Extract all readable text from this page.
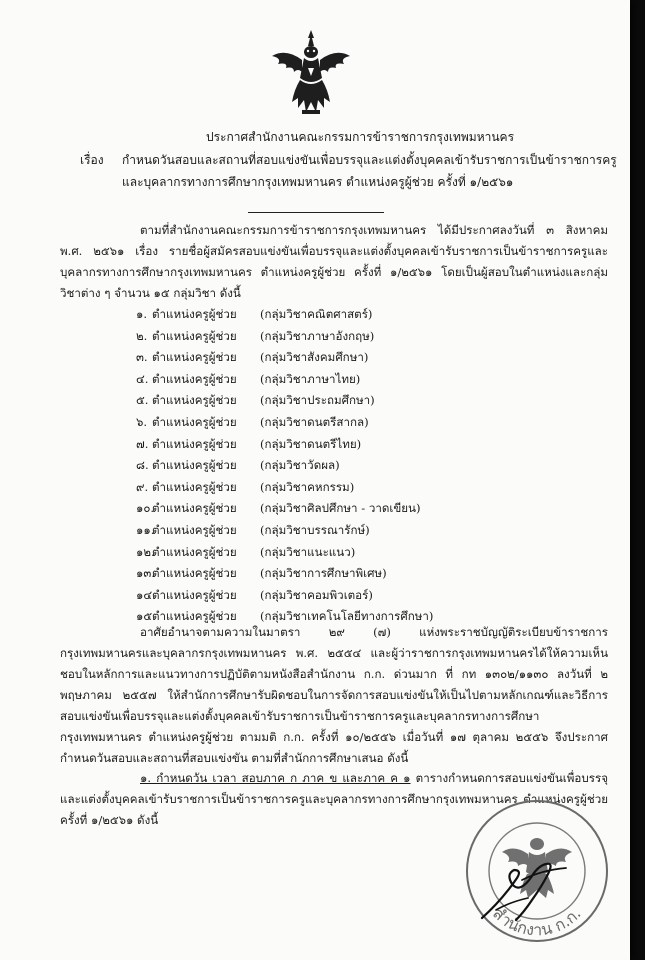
ประกาศสำนักงานคณะกรรมการข้าราชการกรุงเทพมหานคร
เรื่อง	กำหนดวันสอบและสถานที่สอบแข่งขันเพื่อบรรจุและแต่งตั้งบุคคลเข้ารับราชการเป็นข้าราชการครู
และบุคลากรทางการศึกษากรุงเทพมหานคร ตำแหน่งครูผู้ช่วย ครั้งที่ ๑/๒๕๖๑
ตามที่สำนักงานคณะกรรมการข้าราชการกรุงเทพมหานคร ได้มีประกาศลงวันที่ ๓ สิงหาคม พ.ศ. ๒๕๖๑ เรื่อง รายชื่อผู้สมัครสอบแข่งขันเพื่อบรรจุและแต่งตั้งบุคคลเข้ารับราชการเป็นข้าราชการครูและบุคลากรทางการศึกษากรุงเทพมหานคร ตำแหน่งครูผู้ช่วย ครั้งที่ ๑/๒๕๖๑ โดยเป็นผู้สอบในตำแหน่งและกลุ่มวิชาต่าง ๆ จำนวน ๑๕ กลุ่มวิชา ดังนี้
๑. ตำแหน่งครูผู้ช่วย (กลุ่มวิชาคณิตศาสตร์)
๒. ตำแหน่งครูผู้ช่วย (กลุ่มวิชาภาษาอังกฤษ)
๓. ตำแหน่งครูผู้ช่วย (กลุ่มวิชาสังคมศึกษา)
๔. ตำแหน่งครูผู้ช่วย (กลุ่มวิชาภาษาไทย)
๕. ตำแหน่งครูผู้ช่วย (กลุ่มวิชาประถมศึกษา)
๖. ตำแหน่งครูผู้ช่วย (กลุ่มวิชาดนตรีสากล)
๗. ตำแหน่งครูผู้ช่วย (กลุ่มวิชาดนตรีไทย)
๘. ตำแหน่งครูผู้ช่วย (กลุ่มวิชาวัดผล)
๙. ตำแหน่งครูผู้ช่วย (กลุ่มวิชาคหกรรม)
๑๐.ตำแหน่งครูผู้ช่วย (กลุ่มวิชาศิลปศึกษา - วาดเขียน)
๑๑.ตำแหน่งครูผู้ช่วย (กลุ่มวิชาบรรณารักษ์)
๑๒.ตำแหน่งครูผู้ช่วย (กลุ่มวิชาแนะแนว)
๑๓.ตำแหน่งครูผู้ช่วย (กลุ่มวิชาการศึกษาพิเศษ)
๑๔.ตำแหน่งครูผู้ช่วย (กลุ่มวิชาคอมพิวเตอร์)
๑๕.ตำแหน่งครูผู้ช่วย (กลุ่มวิชาเทคโนโลยีทางการศึกษา)
อาศัยอำนาจตามความในมาตรา ๒๙ (๗) แห่งพระราชบัญญัติระเบียบข้าราชการกรุงเทพมหานครและบุคลากรกรุงเทพมหานคร พ.ศ. ๒๕๕๔ และผู้ว่าราชการกรุงเทพมหานครได้ให้ความเห็นชอบในหลักการและแนวทางการปฏิบัติตามหนังสือสำนักงาน ก.ก. ด่วนมาก ที่ กท ๑๓๐๒/๑๑๓๐ ลงวันที่ ๒ พฤษภาคม ๒๕๕๗ ให้สำนักการศึกษารับผิดชอบในการจัดการสอบแข่งขันให้เป็นไปตามหลักเกณฑ์และวิธีการสอบแข่งขันเพื่อบรรจุและแต่งตั้งบุคคลเข้ารับราชการเป็นข้าราชการครูและบุคลากรทางการศึกษากรุงเทพมหานคร ตำแหน่งครูผู้ช่วย ตามมติ ก.ก. ครั้งที่ ๑๐/๒๕๕๖ เมื่อวันที่ ๑๗ ตุลาคม ๒๕๕๖ จึงประกาศกำหนดวันสอบและสถานที่สอบแข่งขัน ตามที่สำนักการศึกษาเสนอ ดังนี้
๑. กำหนดวัน เวลา สอบภาค ก ภาค ข และภาค ค ๑ ตารางกำหนดการสอบแข่งขันเพื่อบรรจุและแต่งตั้งบุคคลเข้ารับราชการเป็นข้าราชการครูและบุคลากรทางการศึกษากรุงเทพมหานคร ตำแหน่งครูผู้ช่วย ครั้งที่ ๑/๒๕๖๑ ดังนี้
สำนักงาน ก.ก.
